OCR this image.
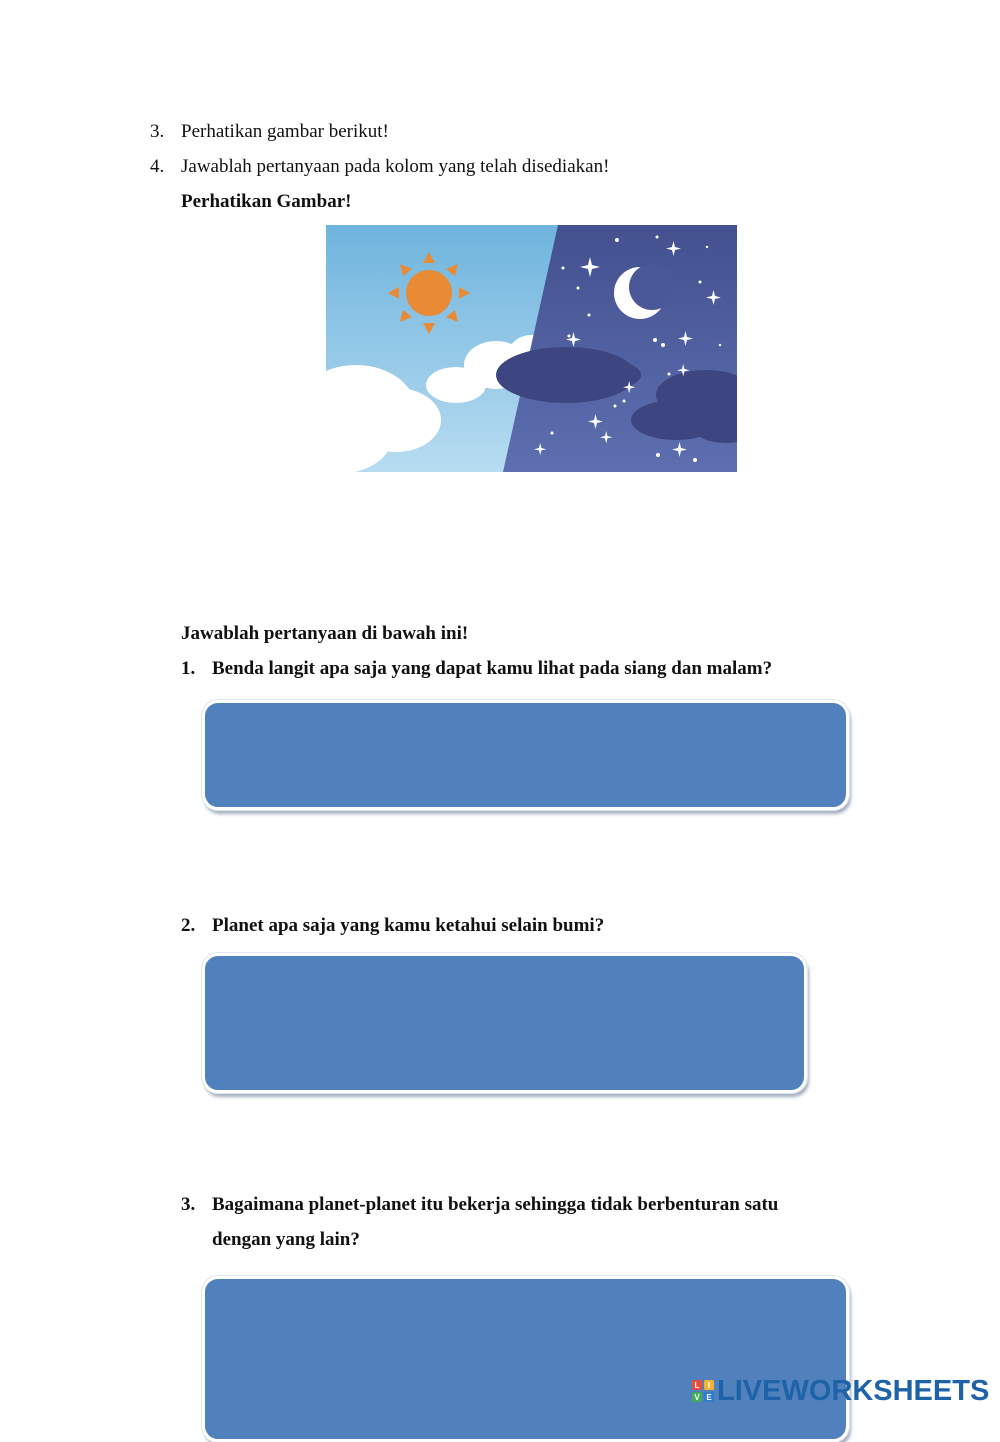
3. Perhatikan gambar berikut!
4. Jawablah pertanyaan pada kolom yang telah disediakan!
Perhatikan Gambar!
Jawablah pertanyaan di bawah ini!
1. Benda langit apa saja yang dapat kamu lihat pada siang dan malam?
2. Planet apa saja yang kamu ketahui selain bumi?
3. Bagaimana planet-planet itu bekerja sehingga tidak berbenturan satu
dengan yang lain?
L I
V E LIVEWORKSHEETS
